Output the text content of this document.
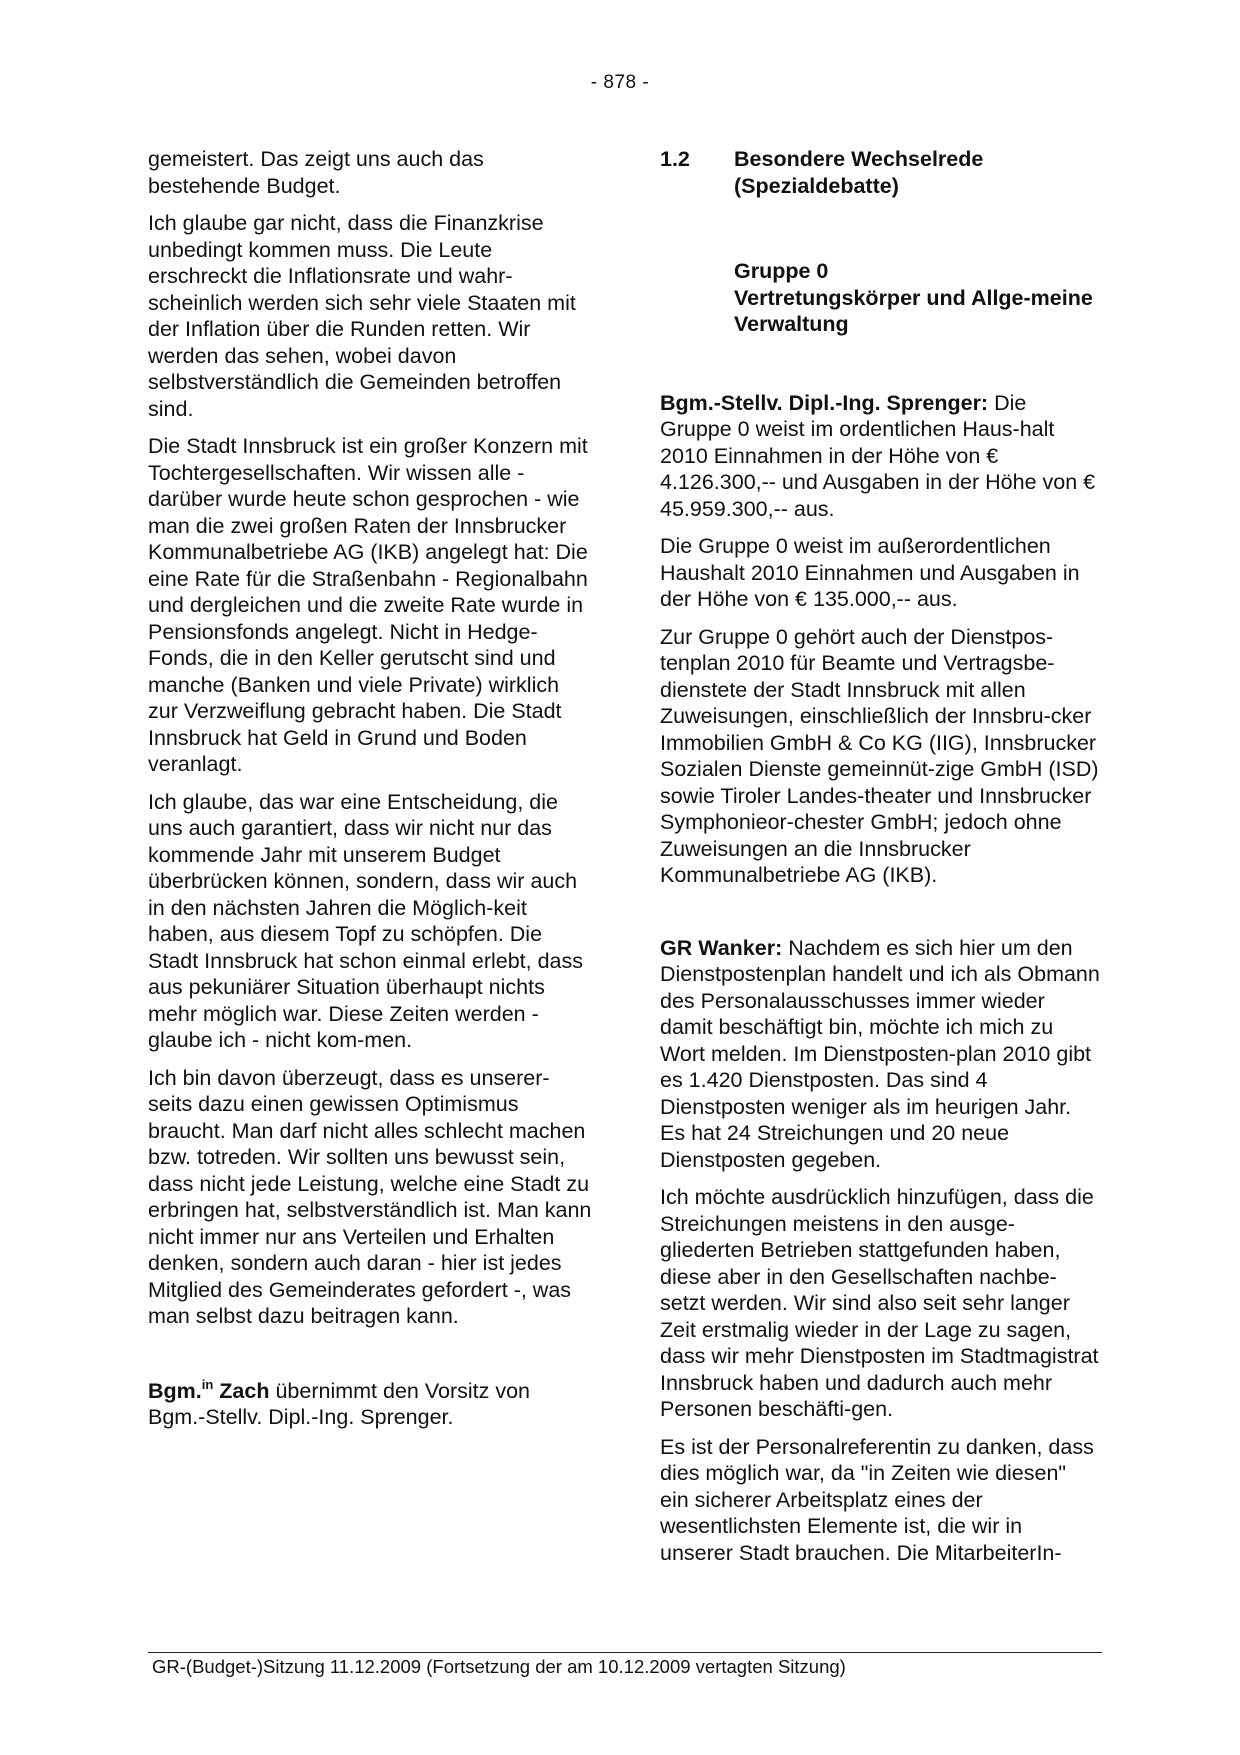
- 878 -

gemeistert. Das zeigt uns auch das bestehende Budget.

Ich glaube gar nicht, dass die Finanzkrise unbedingt kommen muss. Die Leute erschreckt die Inflationsrate und wahr-scheinlich werden sich sehr viele Staaten mit der Inflation über die Runden retten. Wir werden das sehen, wobei davon selbstverständlich die Gemeinden betroffen sind.

Die Stadt Innsbruck ist ein großer Konzern mit Tochtergesellschaften. Wir wissen alle - darüber wurde heute schon gesprochen - wie man die zwei großen Raten der Innsbrucker Kommunalbetriebe AG (IKB) angelegt hat: Die eine Rate für die Straßenbahn - Regionalbahn und dergleichen und die zweite Rate wurde in Pensionsfonds angelegt. Nicht in Hedge-Fonds, die in den Keller gerutscht sind und manche (Banken und viele Private) wirklich zur Verzweiflung gebracht haben. Die Stadt Innsbruck hat Geld in Grund und Boden veranlagt.

Ich glaube, das war eine Entscheidung, die uns auch garantiert, dass wir nicht nur das kommende Jahr mit unserem Budget überbrücken können, sondern, dass wir auch in den nächsten Jahren die Möglich-keit haben, aus diesem Topf zu schöpfen. Die Stadt Innsbruck hat schon einmal erlebt, dass aus pekuniärer Situation überhaupt nichts mehr möglich war. Diese Zeiten werden - glaube ich - nicht kom-men.

Ich bin davon überzeugt, dass es unserer-seits dazu einen gewissen Optimismus braucht. Man darf nicht alles schlecht machen bzw. totreden. Wir sollten uns bewusst sein, dass nicht jede Leistung, welche eine Stadt zu erbringen hat, selbstverständlich ist. Man kann nicht immer nur ans Verteilen und Erhalten denken, sondern auch daran - hier ist jedes Mitglied des Gemeinderates gefordert -, was man selbst dazu beitragen kann.

Bgm.$^{in}$ Zach übernimmt den Vorsitz von Bgm.-Stellv. Dipl.-Ing. Sprenger.

1.2	Besondere Wechselrede (Spezialdebatte)
Gruppe 0
Vertretungskörper und Allge-meine Verwaltung

Bgm.-Stellv. Dipl.-Ing. Sprenger: Die Gruppe 0 weist im ordentlichen Haus-halt 2010 Einnahmen in der Höhe von € 4.126.300,-- und Ausgaben in der Höhe von € 45.959.300,-- aus.

Die Gruppe 0 weist im außerordentlichen Haushalt 2010 Einnahmen und Ausgaben in der Höhe von € 135.000,-- aus.

Zur Gruppe 0 gehört auch der Dienstpos-tenplan 2010 für Beamte und Vertragsbe-dienstete der Stadt Innsbruck mit allen Zuweisungen, einschließlich der Innsbru-cker Immobilien GmbH & Co KG (IIG), Innsbrucker Sozialen Dienste gemeinnüt-zige GmbH (ISD) sowie Tiroler Landes-theater und Innsbrucker Symphonieor-chester GmbH; jedoch ohne Zuweisungen an die Innsbrucker Kommunalbetriebe AG (IKB).

GR Wanker: Nachdem es sich hier um den Dienstpostenplan handelt und ich als Obmann des Personalausschusses immer wieder damit beschäftigt bin, möchte ich mich zu Wort melden. Im Dienstposten-plan 2010 gibt es 1.420 Dienstposten. Das sind 4 Dienstposten weniger als im heurigen Jahr. Es hat 24 Streichungen und 20 neue Dienstposten gegeben.

Ich möchte ausdrücklich hinzufügen, dass die Streichungen meistens in den ausge-gliederten Betrieben stattgefunden haben, diese aber in den Gesellschaften nachbe-setzt werden. Wir sind also seit sehr langer Zeit erstmalig wieder in der Lage zu sagen, dass wir mehr Dienstposten im Stadtmagistrat Innsbruck haben und dadurch auch mehr Personen beschäfti-gen.

Es ist der Personalreferentin zu danken, dass dies möglich war, da "in Zeiten wie diesen" ein sicherer Arbeitsplatz eines der wesentlichsten Elemente ist, die wir in unserer Stadt brauchen. Die MitarbeiterIn-

GR-(Budget-)Sitzung 11.12.2009 (Fortsetzung der am 10.12.2009 vertagten Sitzung)
